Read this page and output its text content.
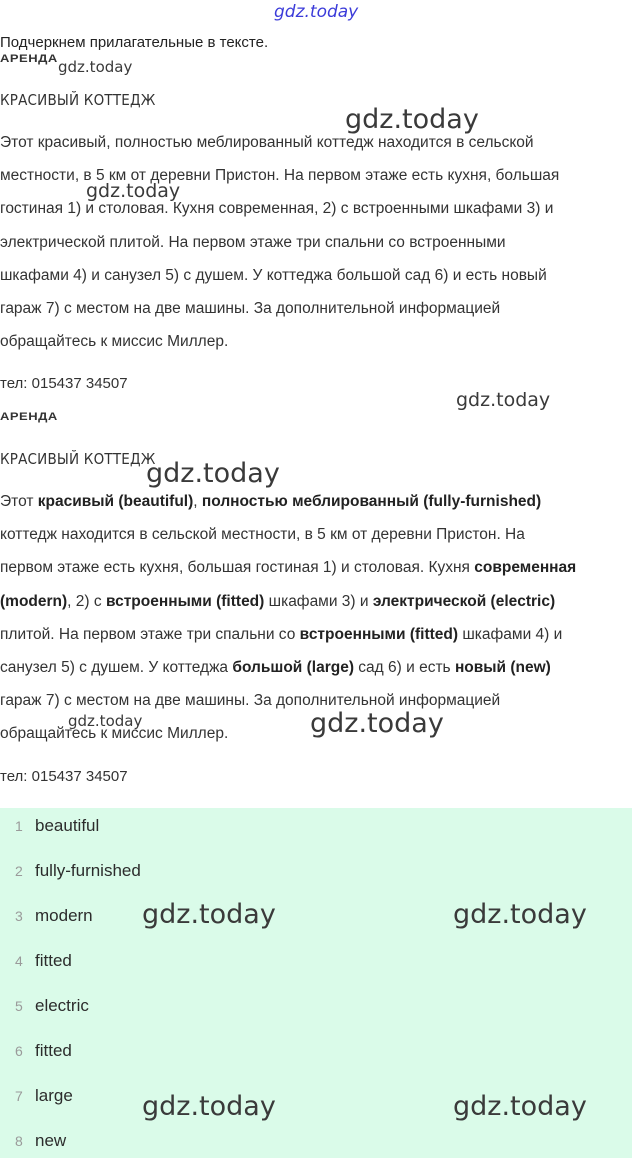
gdz.today
Подчеркнем прилагательные в тексте.
АРЕНДА gdz.today
КРАСИВЫЙ КОТТЕДЖ
gdz.today
Этот красивый, полностью меблированный коттедж находится в сельской
местности, в 5 км от деревни Пристон. На первом этаже есть кухня, большая
гостиная 1) и столовая. Кухня современная, 2) с встроенными шкафами 3) и
электрической плитой. На первом этаже три спальни со встроенными
шкафами 4) и санузел 5) с душем. У коттеджа большой сад 6) и есть новый
гараж 7) с местом на две машины. За дополнительной информацией
обращайтесь к миссис Миллер.
gdz.today
тел: 015437 34507
gdz.today
АРЕНДА
КРАСИВЫЙ КОТТЕДЖ
gdz.today
Этот красивый (beautiful), полностью меблированный (fully-furnished)
коттедж находится в сельской местности, в 5 км от деревни Пристон. На
первом этаже есть кухня, большая гостиная 1) и столовая. Кухня современная
(modern), 2) с встроенными (fitted) шкафами 3) и электрической (electric)
плитой. На первом этаже три спальни со встроенными (fitted) шкафами 4) и
санузел 5) с душем. У коттеджа большой (large) сад 6) и есть новый (new)
гараж 7) с местом на две машины. За дополнительной информацией
обращайтесь к миссис Миллер.
gdz.today	gdz.today
тел: 015437 34507
1 beautiful
2 fully-furnished
3 modern
4 fitted
5 electric
6 fitted
7 large
8 new
gdz.today	gdz.today
gdz.today	gdz.today
